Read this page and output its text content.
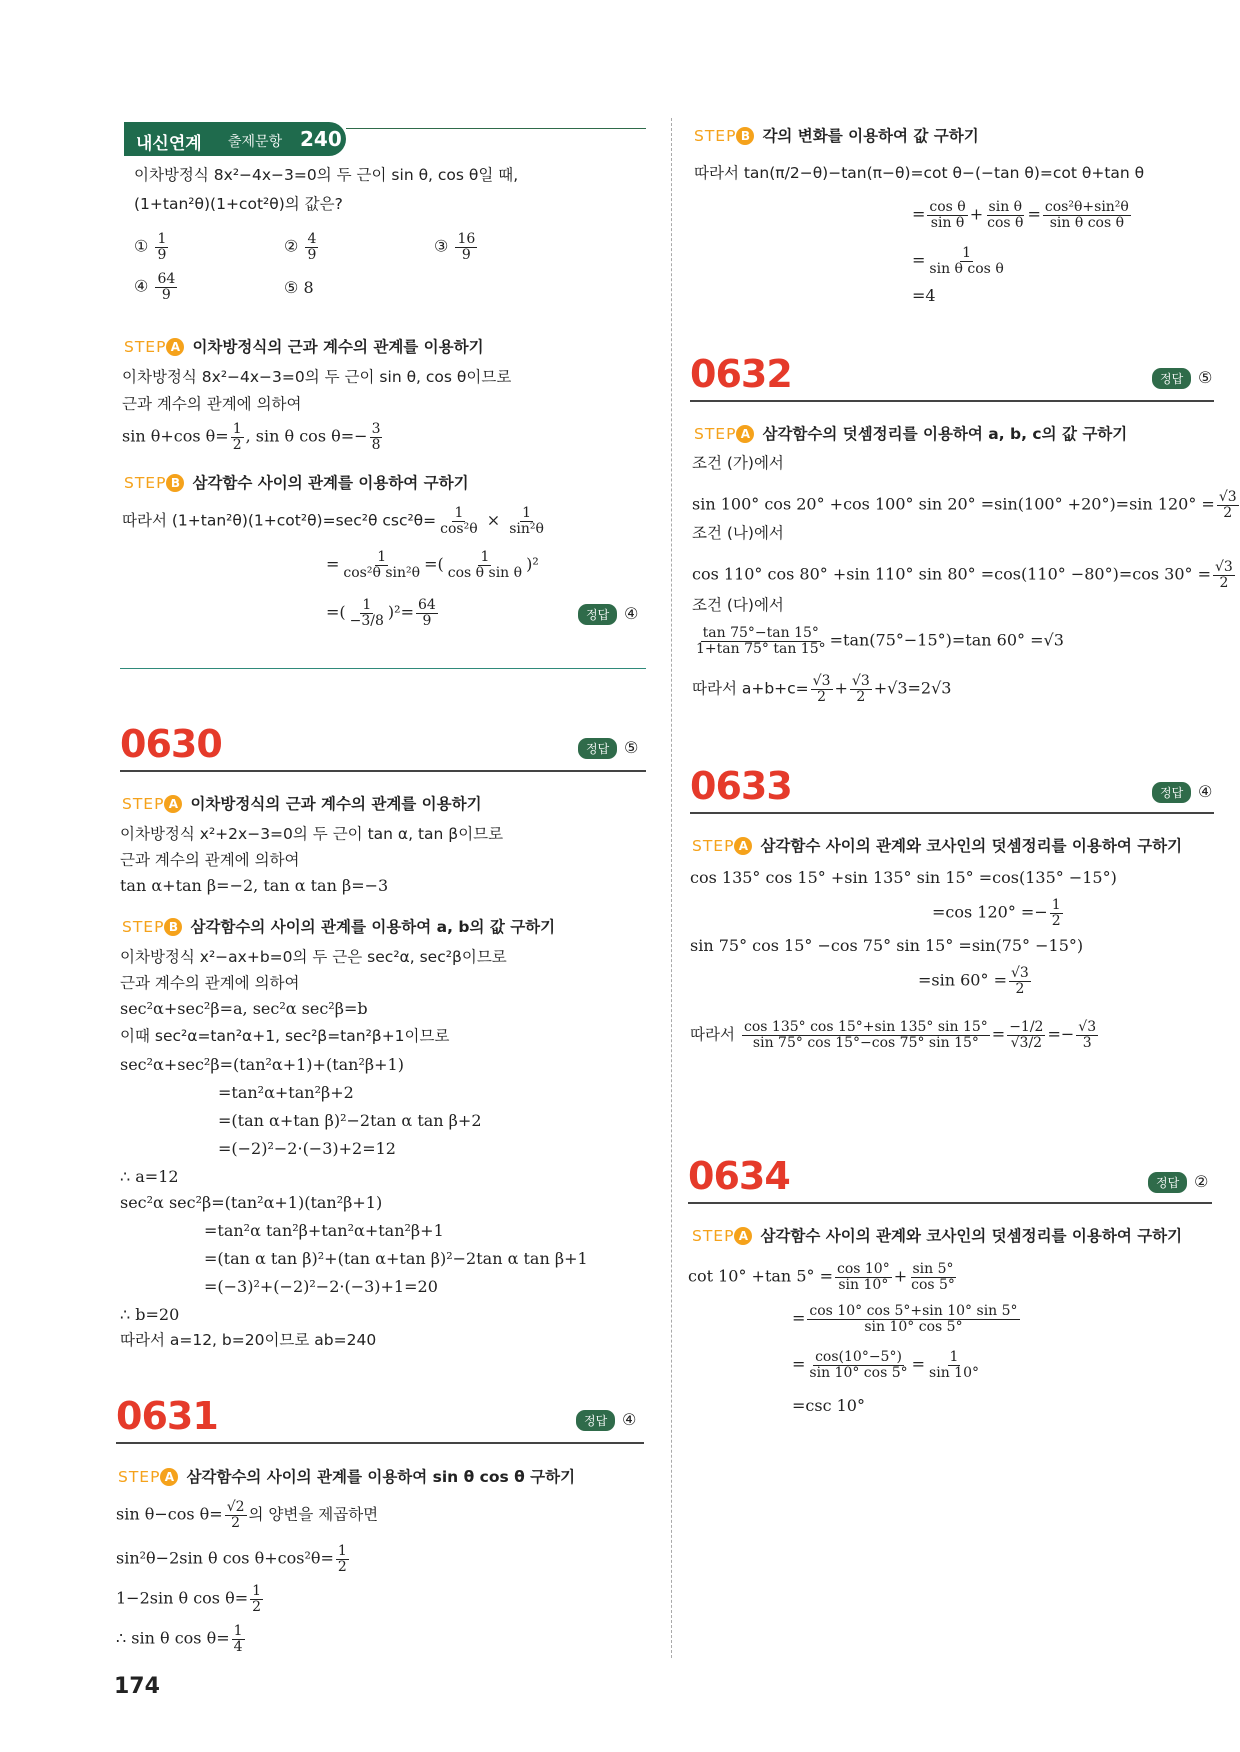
내신연계 출제문항 240
이차방정식 8x²−4x−3=0의 두 근이 sin θ, cos θ일 때,
(1+tan²θ)(1+cot²θ)의 값은?
① $\frac{1}{9}$	② $\frac{4}{9}$	③ $\frac{16}{9}$
④ $\frac{64}{9}$	⑤ 8
STEP A 이차방정식의 근과 계수의 관계를 이용하기
이차방정식 8x²−4x−3=0의 두 근이 sin θ, cos θ이므로
근과 계수의 관계에 의하여
sin θ+cos $\theta= \frac{1}{2}$ , sin θ $\cos \theta=- \frac{3}{8}$
STEP B 삼각함수 사이의 관계를 이용하여 구하기
따라서 (1+tan²θ)(1+cot²θ)=sec²θ $\csc^2\theta= \frac{1}{\text{cos²θ}} \times \frac{1}{\text{sin²θ}}$
= $\frac{1}{\text{cos²θ sin²θ}}$ =( $\frac{1}{\text{cos θ sin θ}} )^2$
=( $\frac{1}{-3/8} )^2= \frac{64}{9}$	정답 ④
0630	정답 ⑤
STEP A 이차방정식의 근과 계수의 관계를 이용하기
이차방정식 x²+2x−3=0의 두 근이 tan α, tan β이므로
근과 계수의 관계에 의하여
tan α+tan β=−2, tan α tan β=−3
STEP B 삼각함수의 사이의 관계를 이용하여 a, b의 값 구하기
이차방정식 x²−ax+b=0의 두 근은 sec²α, sec²β이므로
근과 계수의 관계에 의하여
sec²α+sec²β=a, sec²α sec²β=b
이때 sec²α=tan²α+1, sec²β=tan²β+1이므로
sec²α+sec²β=(tan²α+1)+(tan²β+1)
=tan²α+tan²β+2
=(tan α+tan β)²−2tan α tan β+2
=(−2)²−2·(−3)+2=12
∴ a=12
sec²α sec²β=(tan²α+1)(tan²β+1)
=tan²α tan²β+tan²α+tan²β+1
=(tan α tan β)²+(tan α+tan β)²−2tan α tan β+1
=(−3)²+(−2)²−2·(−3)+1=20
∴ b=20
따라서 a=12, b=20이므로 ab=240
0631	정답 ④
STEP A 삼각함수의 사이의 관계를 이용하여 sin θ cos θ 구하기
sin θ−cos $\theta= \frac{√2}{2}$ 의 양변을 제곱하면
sin²θ−2sin θ $\cos \theta+\cos^2\theta= \frac{1}{2}$
1−2sin θ $\cos \theta= \frac{1}{2}$
∴ sin θ $\cos \theta= \frac{1}{4}$
174
STEP B 각의 변화를 이용하여 값 구하기
따라서 tan(π/2−θ)−tan(π−θ)=cot θ−(−tan θ)=cot θ+tan θ
= $\frac{\text{cos θ}}{\text{sin θ}} + \frac{\text{sin θ}}{\text{cos θ}} = \frac{\text{cos²θ+sin²θ}}{\text{sin θ cos θ}}$
= $\frac{1}{\text{sin θ cos θ}}$
=4
0632	정답 ⑤
STEP A 삼각함수의 덧셈정리를 이용하여 a, b, c의 값 구하기
조건 (가)에서
sin 100° cos 20° +cos 100° sin 20° =sin(100° +20°)=sin $120^\circ = \frac{√3}{2}$
조건 (나)에서
cos 110° cos 80° +sin 110° sin 80° =cos(110° −80°)=cos $30^\circ = \frac{√3}{2}$
조건 (다)에서
$\frac{\tan 75^\circ-\tan 15^\circ}{1+\tan 75^\circ \tan 15^\circ} =\tan(75^\circ-15^\circ)=\tan$ 60° =√3
따라서 $a+b+c= \frac{√3}{2} + \frac{√3}{2} +√3=2√3$
0633	정답 ④
STEP A 삼각함수 사이의 관계와 코사인의 덧셈정리를 이용하여 구하기
cos 135° cos 15° +sin 135° sin 15° =cos(135° −15°)
=cos $120^\circ =- \frac{1}{2}$
sin 75° cos 15° −cos 75° sin 15° =sin(75° −15°)
=sin $60^\circ = \frac{√3}{2}$
따라서 $\frac{\cos 135^\circ \cos 15^\circ+\sin 135^\circ \sin 15^\circ}{\sin 75^\circ \cos 15^\circ-\cos 75^\circ \sin 15^\circ} = \frac{-1/2}{√3/2} =- \frac{√3}{3}$
0634	정답 ②
STEP A 삼각함수 사이의 관계와 코사인의 덧셈정리를 이용하여 구하기
cot 10° +tan $5^\circ = \frac{\cos 10^\circ}{\sin 10^\circ} + \frac{\sin 5^\circ}{\cos 5^\circ}$
= $\frac{\cos 10^\circ \cos 5^\circ+\sin 10^\circ \sin 5^\circ}{\sin 10^\circ \cos 5^\circ}$
= $\frac{\cos(10^\circ-5^\circ)}{\sin 10^\circ \cos 5^\circ} = \frac{1}{\sin 10^\circ}$
=csc 10°
